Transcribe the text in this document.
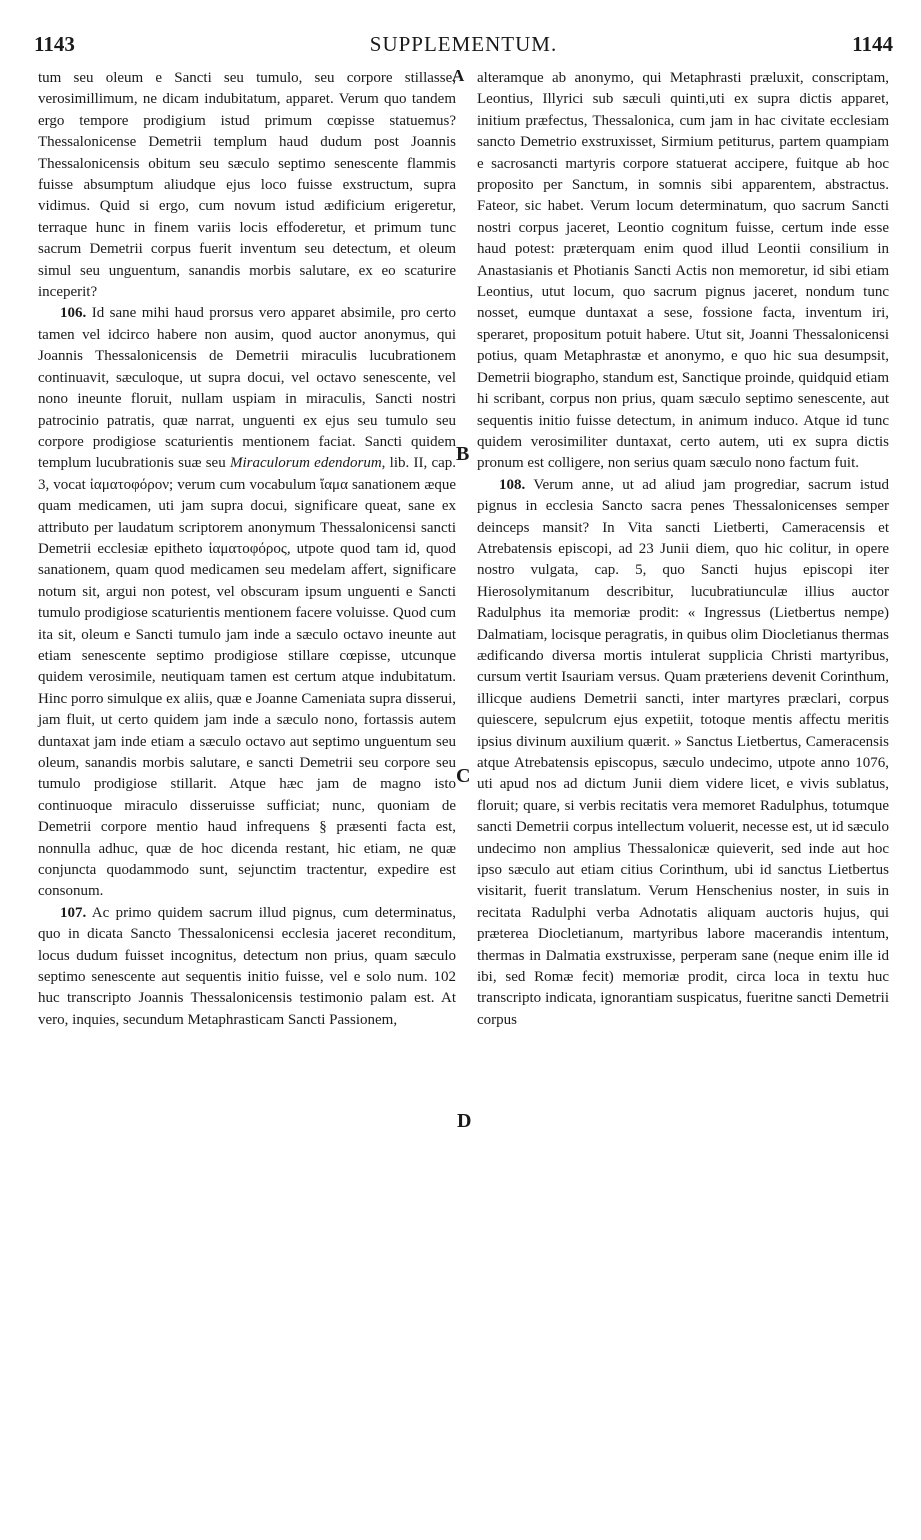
1143	SUPPLEMENTUM.	1144
A
B
C
D

tum seu oleum e Sancti seu tumulo, seu corpore stillasse, verosimillimum, ne dicam indubitatum, apparet. Verum quo tandem ergo tempore prodigium istud primum cœpisse statuemus? Thessalonicense Demetrii templum haud dudum post Joannis Thessalonicensis obitum seu sæculo septimo senescente flammis fuisse absumptum aliudque ejus loco fuisse exstructum, supra vidimus. Quid si ergo, cum novum istud ædificium erigeretur, terraque hunc in finem variis locis effoderetur, et primum tunc sacrum Demetrii corpus fuerit inventum seu detectum, et oleum simul seu unguentum, sanandis morbis salutare, ex eo scaturire inceperit?

106. Id sane mihi haud prorsus vero apparet absimile, pro certo tamen vel idcirco habere non ausim, quod auctor anonymus, qui Joannis Thessalonicensis de Demetrii miraculis lucubrationem continuavit, sæculoque, ut supra docui, vel octavo senescente, vel nono ineunte floruit, nullam uspiam in miraculis, Sancti nostri patrocinio patratis, quæ narrat, unguenti ex ejus seu tumulo seu corpore prodigiose scaturientis mentionem faciat. Sancti quidem templum lucubrationis suæ seu Miraculorum edendorum, lib. II, cap. 3, vocat ἰαματοφόρον; verum cum vocabulum ἴαμα sanationem æque quam medicamen, uti jam supra docui, significare queat, sane ex attributo per laudatum scriptorem anonymum Thessalonicensi sancti Demetrii ecclesiæ epitheto ἰαματοφόρος, utpote quod tam id, quod sanationem, quam quod medicamen seu medelam affert, significare notum sit, argui non potest, vel obscuram ipsum unguenti e Sancti tumulo prodigiose scaturientis mentionem facere voluisse. Quod cum ita sit, oleum e Sancti tumulo jam inde a sæculo octavo ineunte aut etiam senescente septimo prodigiose stillare cœpisse, utcunque quidem verosimile, neutiquam tamen est certum atque indubitatum. Hinc porro simulque ex aliis, quæ e Joanne Cameniata supra disserui, jam fluit, ut certo quidem jam inde a sæculo nono, fortassis autem duntaxat jam inde etiam a sæculo octavo aut septimo unguentum seu oleum, sanandis morbis salutare, e sancti Demetrii seu corpore seu tumulo prodigiose stillarit. Atque hæc jam de magno isto continuoque miraculo disseruisse sufficiat; nunc, quoniam de Demetrii corpore mentio haud infrequens § præsenti facta est, nonnulla adhuc, quæ de hoc dicenda restant, hic etiam, ne quæ conjuncta quodammodo sunt, sejunctim tractentur, expedire est consonum.

107. Ac primo quidem sacrum illud pignus, cum determinatus, quo in dicata Sancto Thessalonicensi ecclesia jaceret reconditum, locus dudum fuisset incognitus, detectum non prius, quam sæculo septimo senescente aut sequentis initio fuisse, vel e solo num. 102 huc transcripto Joannis Thessalonicensis testimonio palam est. At vero, inquies, secundum Metaphrasticam Sancti Passionem,

alteramque ab anonymo, qui Metaphrasti præluxit, conscriptam, Leontius, Illyrici sub sæculi quinti,uti ex supra dictis apparet, initium præfectus, Thessalonica, cum jam in hac civitate ecclesiam sancto Demetrio exstruxisset, Sirmium petiturus, partem quampiam e sacrosancti martyris corpore statuerat accipere, fuitque ab hoc proposito per Sanctum, in somnis sibi apparentem, abstractus. Fateor, sic habet. Verum locum determinatum, quo sacrum Sancti nostri corpus jaceret, Leontio cognitum fuisse, certum inde esse haud potest: præterquam enim quod illud Leontii consilium in Anastasianis et Photianis Sancti Actis non memoretur, id sibi etiam Leontius, utut locum, quo sacrum pignus jaceret, nondum tunc nosset, eumque duntaxat a sese, fossione facta, inventum iri, speraret, propositum potuit habere. Utut sit, Joanni Thessalonicensi potius, quam Metaphrastæ et anonymo, e quo hic sua desumpsit, Demetrii biographo, standum est, Sanctique proinde, quidquid etiam hi scribant, corpus non prius, quam sæculo septimo senescente, aut sequentis initio fuisse detectum, in animum induco. Atque id tunc quidem verosimiliter duntaxat, certo autem, uti ex supra dictis pronum est colligere, non serius quam sæculo nono factum fuit.

108. Verum anne, ut ad aliud jam progrediar, sacrum istud pignus in ecclesia Sancto sacra penes Thessalonicenses semper deinceps mansit? In Vita sancti Lietberti, Cameracensis et Atrebatensis episcopi, ad 23 Junii diem, quo hic colitur, in opere nostro vulgata, cap. 5, quo Sancti hujus episcopi iter Hierosolymitanum describitur, lucubratiunculæ illius auctor Radulphus ita memoriæ prodit: « Ingressus (Lietbertus nempe) Dalmatiam, locisque peragratis, in quibus olim Diocletianus thermas ædificando diversa mortis intulerat supplicia Christi martyribus, cursum vertit Isauriam versus. Quam præteriens devenit Corinthum, illicque audiens Demetrii sancti, inter martyres præclari, corpus quiescere, sepulcrum ejus expetiit, totoque mentis affectu meritis ipsius divinum auxilium quærit. » Sanctus Lietbertus, Cameracensis atque Atrebatensis episcopus, sæculo undecimo, utpote anno 1076, uti apud nos ad dictum Junii diem videre licet, e vivis sublatus, floruit; quare, si verbis recitatis vera memoret Radulphus, totumque sancti Demetrii corpus intellectum voluerit, necesse est, ut id sæculo undecimo non amplius Thessalonicæ quieverit, sed inde aut hoc ipso sæculo aut etiam citius Corinthum, ubi id sanctus Lietbertus visitarit, fuerit translatum. Verum Henschenius noster, in suis in recitata Radulphi verba Adnotatis aliquam auctoris hujus, qui præterea Diocletianum, martyribus labore macerandis intentum, thermas in Dalmatia exstruxisse, perperam sane (neque enim ille id ibi, sed Romæ fecit) memoriæ prodit, circa loca in textu huc transcripto indicata, ignorantiam suspicatus, fueritne sancti Demetrii corpus
